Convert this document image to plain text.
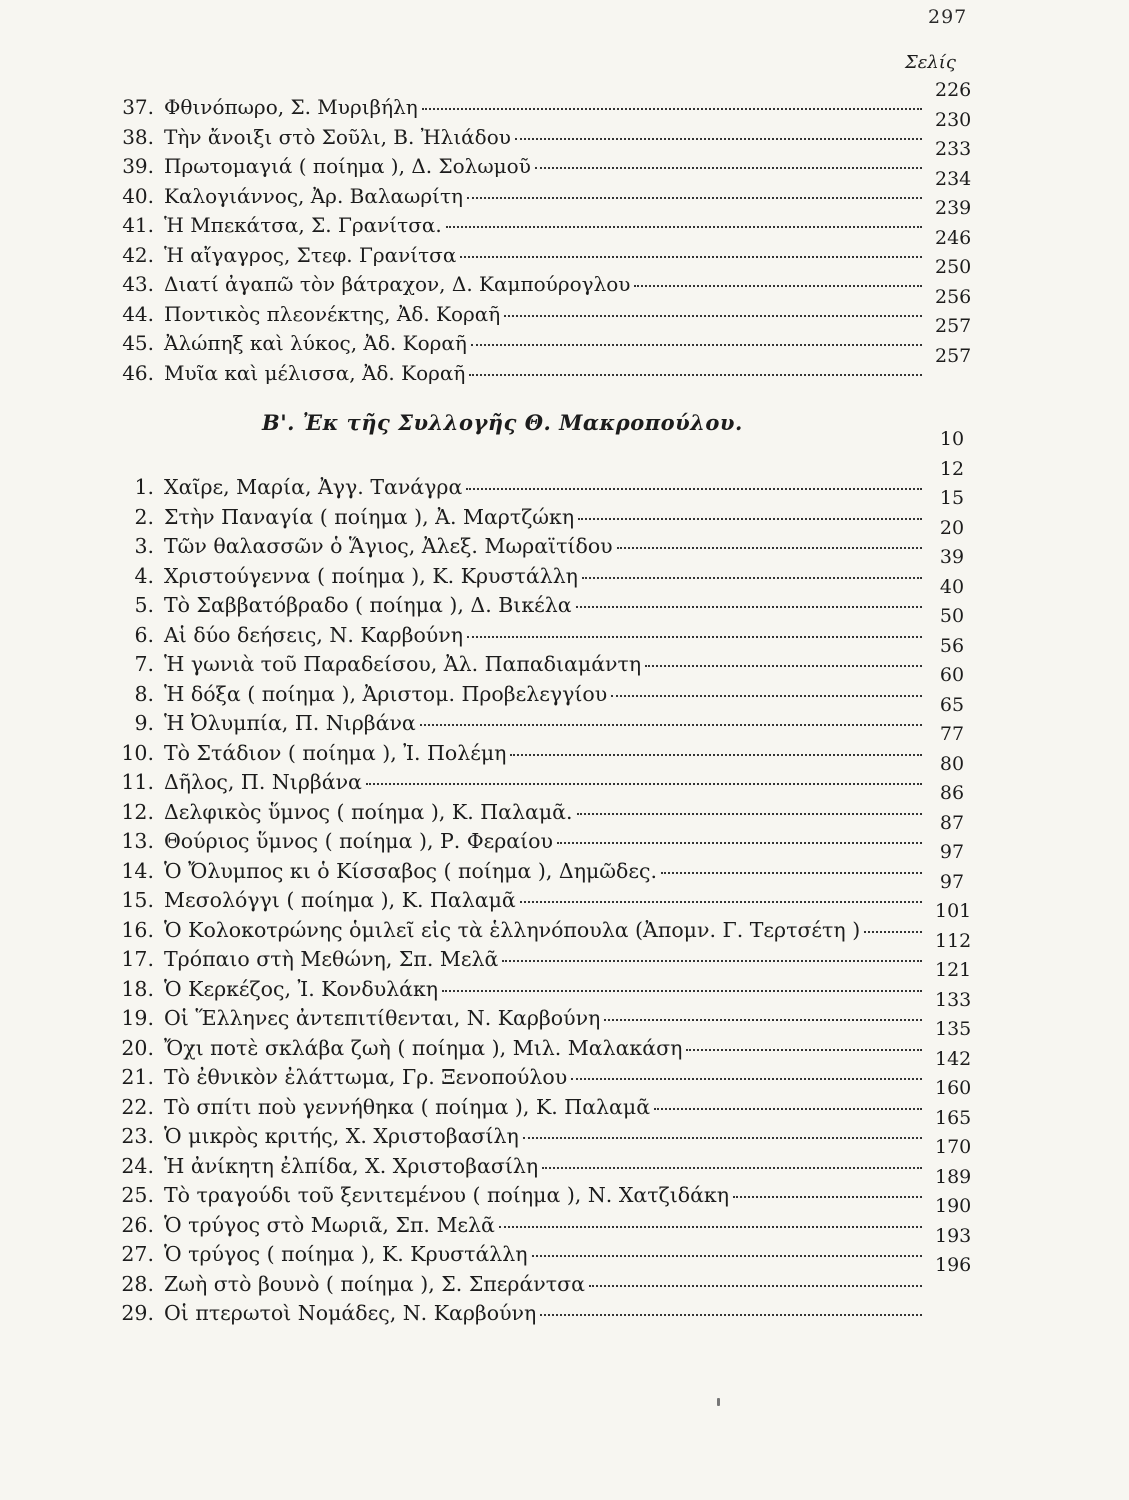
297
Σελίς
37. Φθινόπωρο, Σ. Μυριβήλη
226
38. Τὴν ἄνοιξι στὸ Σοῦλι, Β. Ἠλιάδου
230
39. Πρωτομαγιά ( ποίημα ), Δ. Σολωμοῦ
233
40. Καλογιάννος, Ἀρ. Βαλαωρίτη
234
41. Ἡ Μπεκάτσα, Σ. Γρανίτσα.
239
42. Ἡ αἴγαγρος, Στεφ. Γρανίτσα
246
43. Διατί ἀγαπῶ τὸν βάτραχον, Δ. Καμπούρογλου
250
44. Ποντικὸς πλεονέκτης, Ἀδ. Κοραῆ
256
45. Ἀλώπηξ καὶ λύκος, Ἀδ. Κοραῆ
257
46. Μυῖα καὶ μέλισσα, Ἀδ. Κοραῆ
257
Β'. Ἐκ τῆς Συλλογῆς Θ. Μακροπούλου.
1. Χαῖρε, Μαρία, Ἀγγ. Τανάγρα
10
2. Στὴν Παναγία ( ποίημα ), Ἀ. Μαρτζώκη
12
3. Τῶν θαλασσῶν ὁ Ἅγιος, Ἀλεξ. Μωραϊτίδου
15
4. Χριστούγεννα ( ποίημα ), Κ. Κρυστάλλη
20
5. Τὸ Σαββατόβραδο ( ποίημα ), Δ. Βικέλα
39
6. Αἱ δύο δεήσεις, Ν. Καρβούνη
40
7. Ἡ γωνιὰ τοῦ Παραδείσου, Ἀλ. Παπαδιαμάντη
50
8. Ἡ δόξα ( ποίημα ), Ἀριστομ. Προβελεγγίου
56
9. Ἡ Ὀλυμπία, Π. Νιρβάνα
60
10. Τὸ Στάδιον ( ποίημα ), Ἰ. Πολέμη
65
11. Δῆλος, Π. Νιρβάνα
77
12. Δελφικὸς ὕμνος ( ποίημα ), Κ. Παλαμᾶ.
80
13. Θούριος ὕμνος ( ποίημα ), Ρ. Φεραίου
86
14. Ὁ Ὄλυμπος κι ὁ Κίσσαβος ( ποίημα ), Δημῶδες.
87
15. Μεσολόγγι ( ποίημα ), Κ. Παλαμᾶ
97
16. Ὁ Κολοκοτρώνης ὁμιλεῖ εἰς τὰ ἑλληνόπουλα (Ἀπομν. Γ. Τερτσέτη )
97
17. Τρόπαιο στὴ Μεθώνη, Σπ. Μελᾶ
101
18. Ὁ Κερκέζος, Ἰ. Κονδυλάκη
112
19. Οἱ Ἕλληνες ἀντεπιτίθενται, Ν. Καρβούνη
121
20. Ὄχι ποτὲ σκλάβα ζωὴ ( ποίημα ), Μιλ. Μαλακάση
133
21. Τὸ ἐθνικὸν ἐλάττωμα, Γρ. Ξενοπούλου
135
22. Τὸ σπίτι ποὺ γεννήθηκα ( ποίημα ), Κ. Παλαμᾶ
142
23. Ὁ μικρὸς κριτής, Χ. Χριστοβασίλη
160
24. Ἡ ἀνίκητη ἐλπίδα, Χ. Χριστοβασίλη
165
25. Τὸ τραγούδι τοῦ ξενιτεμένου ( ποίημα ), Ν. Χατζιδάκη
170
26. Ὁ τρύγος στὸ Μωριᾶ, Σπ. Μελᾶ
189
27. Ὁ τρύγος ( ποίημα ), Κ. Κρυστάλλη
190
28. Ζωὴ στὸ βουνὸ ( ποίημα ), Σ. Σπεράντσα
193
29. Οἱ πτερωτοὶ Νομάδες, Ν. Καρβούνη
196
